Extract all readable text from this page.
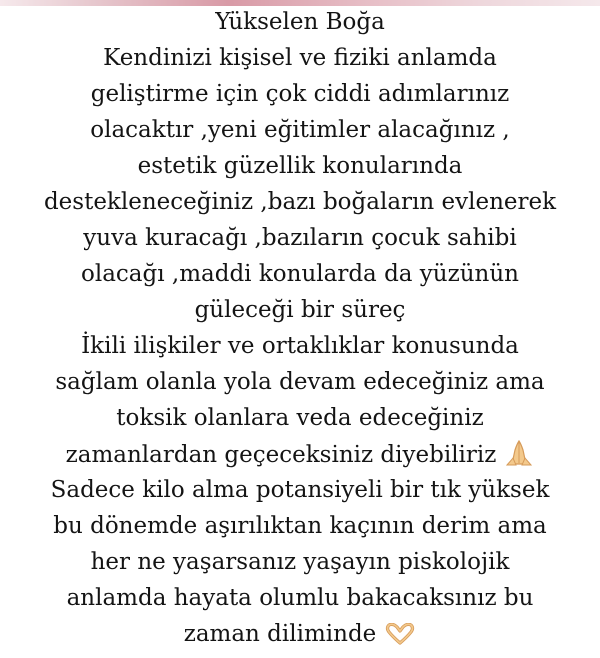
Yükselen Boğa
Kendinizi kişisel ve fiziki anlamda
geliştirme için çok ciddi adımlarınız
olacaktır ,yeni eğitimler alacağınız ,
estetik güzellik konularında
destekleneceğiniz ,bazı boğaların evlenerek
yuva kuracağı ,bazıların çocuk sahibi
olacağı ,maddi konularda da yüzünün
güleceği bir süreç
İkili ilişkiler ve ortaklıklar konusunda
sağlam olanla yola devam edeceğiniz ama
toksik olanlara veda edeceğiniz
zamanlardan geçeceksiniz diyebiliriz
Sadece kilo alma potansiyeli bir tık yüksek
bu dönemde aşırılıktan kaçının derim ama
her ne yaşarsanız yaşayın piskolojik
anlamda hayata olumlu bakacaksınız bu
zaman diliminde
